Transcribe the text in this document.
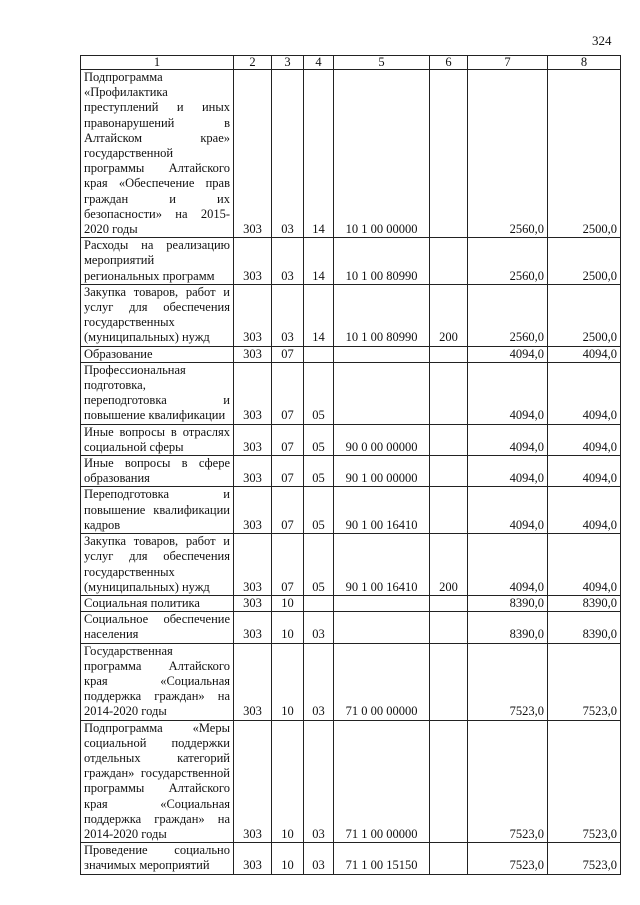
324
1	2	3	4	5	6	7	8
Подпрограмма «Профилактика преступлений и иных правонарушений в Алтайском крае» государственной программы Алтайского края «Обеспечение прав граждан и их безопасности» на 2015-2020 годы	303	03	14	10 1 00 00000		2560,0	2500,0
Расходы на реализацию мероприятий региональных программ	303	03	14	10 1 00 80990		2560,0	2500,0
Закупка товаров, работ и услуг для обеспечения государственных (муниципальных) нужд	303	03	14	10 1 00 80990	200	2560,0	2500,0
Образование	303	07				4094,0	4094,0
Профессиональная подготовка, переподготовка и повышение квалификации	303	07	05			4094,0	4094,0
Иные вопросы в отраслях социальной сферы	303	07	05	90 0 00 00000		4094,0	4094,0
Иные вопросы в сфере образования	303	07	05	90 1 00 00000		4094,0	4094,0
Переподготовка и повышение квалификации кадров	303	07	05	90 1 00 16410		4094,0	4094,0
Закупка товаров, работ и услуг для обеспечения государственных (муниципальных) нужд	303	07	05	90 1 00 16410	200	4094,0	4094,0
Социальная политика	303	10				8390,0	8390,0
Социальное обеспечение населения	303	10	03			8390,0	8390,0
Государственная программа Алтайского края «Социальная поддержка граждан» на 2014-2020 годы	303	10	03	71 0 00 00000		7523,0	7523,0
Подпрограмма «Меры социальной поддержки отдельных категорий граждан» государственной программы Алтайского края «Социальная поддержка граждан» на 2014-2020 годы	303	10	03	71 1 00 00000		7523,0	7523,0
Проведение социально значимых мероприятий	303	10	03	71 1 00 15150		7523,0	7523,0
